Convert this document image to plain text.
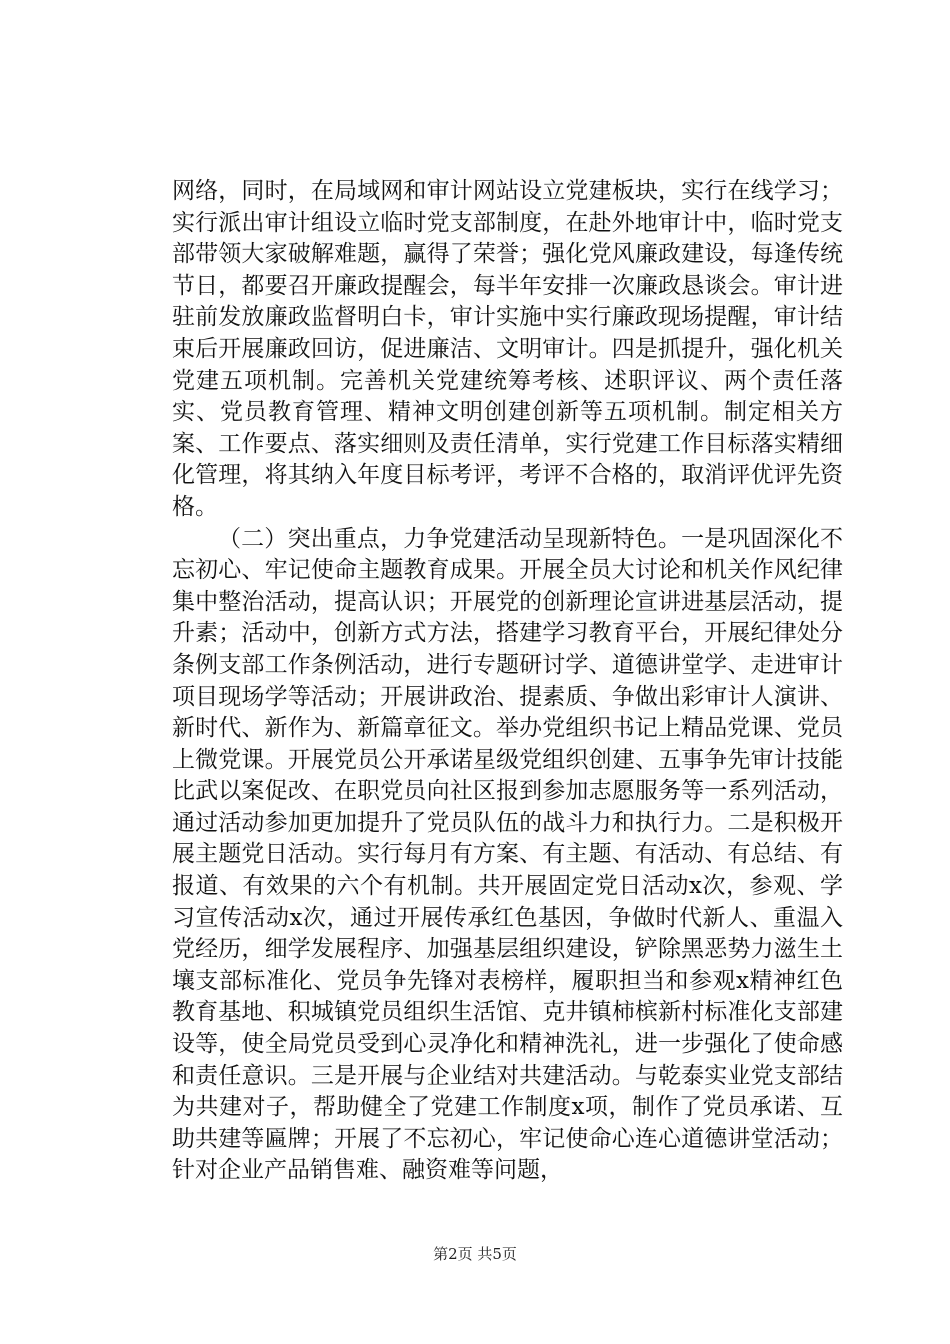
网络，同时，在局域网和审计网站设立党建板块，实行在线学习；实行派出审计组设立临时党支部制度，在赴外地审计中，临时党支部带领大家破解难题，赢得了荣誉；强化党风廉政建设，每逢传统节日，都要召开廉政提醒会，每半年安排一次廉政恳谈会。审计进驻前发放廉政监督明白卡，审计实施中实行廉政现场提醒，审计结束后开展廉政回访，促进廉洁、文明审计。四是抓提升，强化机关党建五项机制。完善机关党建统筹考核、述职评议、两个责任落实、党员教育管理、精神文明创建创新等五项机制。制定相关方案、工作要点、落实细则及责任清单，实行党建工作目标落实精细化管理，将其纳入年度目标考评，考评不合格的，取消评优评先资格。

（二）突出重点，力争党建活动呈现新特色。一是巩固深化不忘初心、牢记使命主题教育成果。开展全员大讨论和机关作风纪律集中整治活动，提高认识；开展党的创新理论宣讲进基层活动，提升素；活动中，创新方式方法，搭建学习教育平台，开展纪律处分条例支部工作条例活动，进行专题研讨学、道德讲堂学、走进审计项目现场学等活动；开展讲政治、提素质、争做出彩审计人演讲、新时代、新作为、新篇章征文。举办党组织书记上精品党课、党员上微党课。开展党员公开承诺星级党组织创建、五事争先审计技能比武以案促改、在职党员向社区报到参加志愿服务等一系列活动，通过活动参加更加提升了党员队伍的战斗力和执行力。二是积极开展主题党日活动。实行每月有方案、有主题、有活动、有总结、有报道、有效果的六个有机制。共开展固定党日活动x次，参观、学习宣传活动x次，通过开展传承红色基因，争做时代新人、重温入党经历，细学发展程序、加强基层组织建设，铲除黑恶势力滋生土壤支部标准化、党员争先锋对表榜样，履职担当和参观x精神红色教育基地、积城镇党员组织生活馆、克井镇柿槟新村标准化支部建设等，使全局党员受到心灵净化和精神洗礼，进一步强化了使命感和责任意识。三是开展与企业结对共建活动。与乾泰实业党支部结为共建对子，帮助健全了党建工作制度x项，制作了党员承诺、互助共建等匾牌；开展了不忘初心，牢记使命心连心道德讲堂活动；针对企业产品销售难、融资难等问题，

第2页 共5页
